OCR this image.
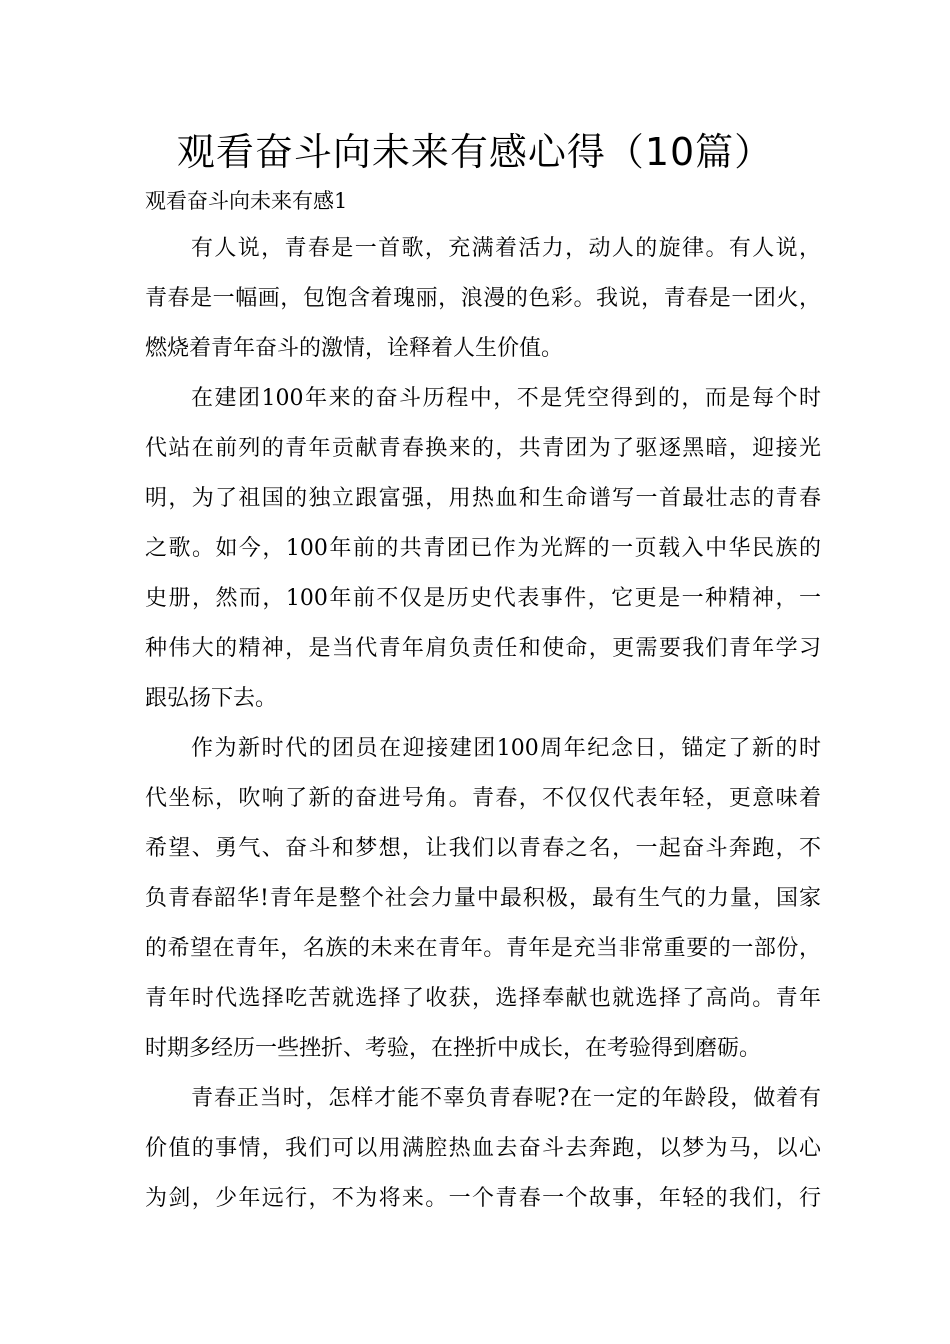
观看奋斗向未来有感心得（10篇）
观看奋斗向未来有感1
有人说，青春是一首歌，充满着活力，动人的旋律。有人说，
青春是一幅画，包饱含着瑰丽，浪漫的色彩。我说，青春是一团火，
燃烧着青年奋斗的激情，诠释着人生价值。
在建团100年来的奋斗历程中，不是凭空得到的，而是每个时
代站在前列的青年贡献青春换来的，共青团为了驱逐黑暗，迎接光
明，为了祖国的独立跟富强，用热血和生命谱写一首最壮志的青春
之歌。如今，100年前的共青团已作为光辉的一页载入中华民族的
史册，然而，100年前不仅是历史代表事件，它更是一种精神，一
种伟大的精神，是当代青年肩负责任和使命，更需要我们青年学习
跟弘扬下去。
作为新时代的团员在迎接建团100周年纪念日，锚定了新的时
代坐标，吹响了新的奋进号角。青春，不仅仅代表年轻，更意味着
希望、勇气、奋斗和梦想，让我们以青春之名，一起奋斗奔跑，不
负青春韶华!青年是整个社会力量中最积极，最有生气的力量，国家
的希望在青年，名族的未来在青年。青年是充当非常重要的一部份，
青年时代选择吃苦就选择了收获，选择奉献也就选择了高尚。青年
时期多经历一些挫折、考验，在挫折中成长，在考验得到磨砺。
青春正当时，怎样才能不辜负青春呢?在一定的年龄段，做着有
价值的事情，我们可以用满腔热血去奋斗去奔跑，以梦为马，以心
为剑，少年远行，不为将来。一个青春一个故事，年轻的我们，行
